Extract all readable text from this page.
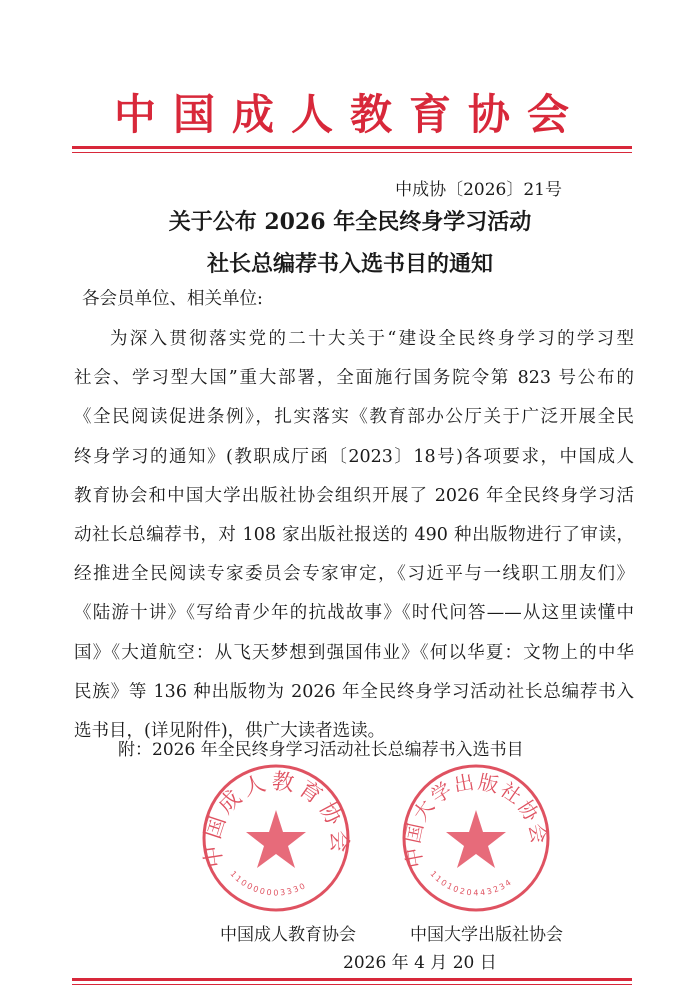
中国成人教育协会
中成协〔2026〕21号
关于公布 2026 年全民终身学习活动
社长总编荐书入选书目的通知
各会员单位、相关单位:
为深入贯彻落实党的二十大关于“建设全民终身学习的学习型
社会、学习型大国”重大部署，全面施行国务院令第 823 号公布的
《全民阅读促进条例》，扎实落实《教育部办公厅关于广泛开展全民
终身学习的通知》(教职成厅函〔2023〕18号)各项要求，中国成人
教育协会和中国大学出版社协会组织开展了 2026 年全民终身学习活
动社长总编荐书，对 108 家出版社报送的 490 种出版物进行了审读，
经推进全民阅读专家委员会专家审定，《习近平与一线职工朋友们》
《陆游十讲》《写给青少年的抗战故事》《时代问答——从这里读懂中
国》《大道航空：从飞天梦想到强国伟业》《何以华夏：文物上的中华
民族》等 136 种出版物为 2026 年全民终身学习活动社长总编荐书入
选书目，(详见附件)，供广大读者选读。
附：2026 年全民终身学习活动社长总编荐书入选书目
中国成人教育协会
110000003330
中国大学出版社协会
1101020443234
中国成人教育协会	中国大学出版社协会
2026 年 4 月 20 日
